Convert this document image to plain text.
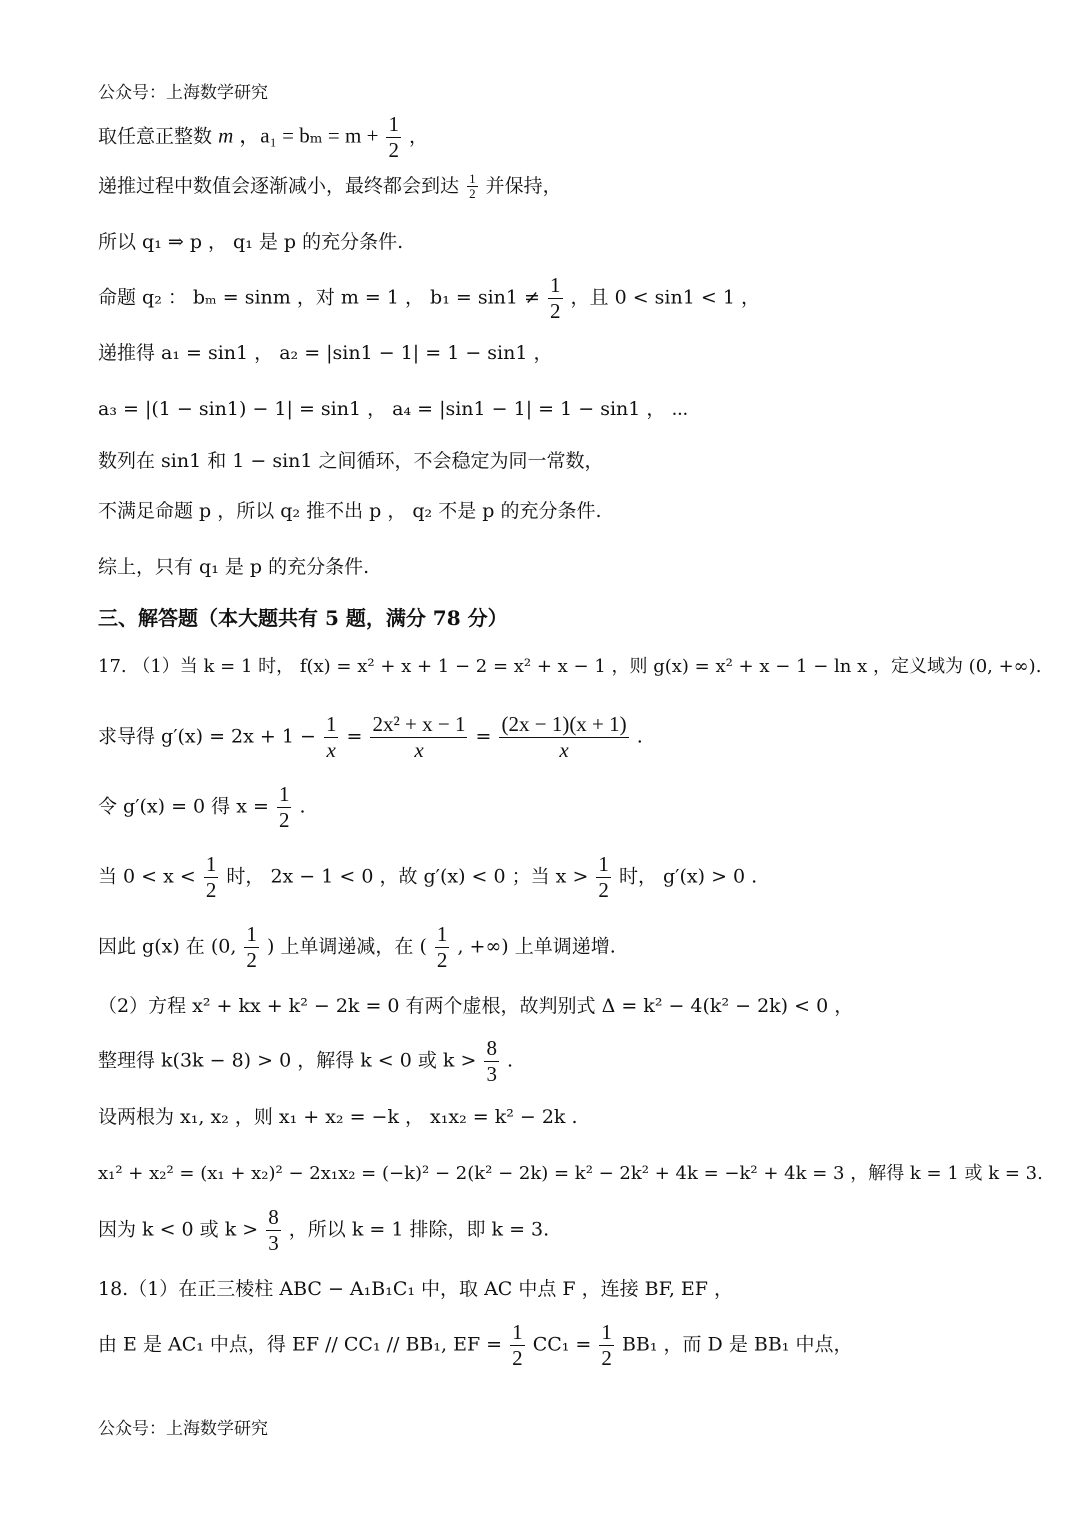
公众号：上海数学研究
取任意正整数 m ，$a_1 = b_m = m + \frac{1}{2}$ ，
递推过程中数值会逐渐减小，最终都会到达 $\frac{1}{2}$ 并保持，
所以 q₁ ⇒ p ， q₁ 是 p 的充分条件.
命题 q₂ ： bₘ = sinm ，对 m = 1 ， $b_1 = \sin 1 \ne \frac{1}{2}$ ，且 0 < sin1 < 1 ，
递推得 a₁ = sin1 ， a₂ = |sin1 − 1| = 1 − sin1 ，
a₃ = |(1 − sin1) − 1| = sin1 ， a₄ = |sin1 − 1| = 1 − sin1 ， ⋯
数列在 sin1 和 1 − sin1 之间循环，不会稳定为同一常数，
不满足命题 p ，所以 q₂ 推不出 p ， q₂ 不是 p 的充分条件.
综上，只有 q₁ 是 p 的充分条件.
三、解答题（本大题共有 5 题，满分 78 分）
17. （1）当 k = 1 时， f(x) = x² + x + 1 − 2 = x² + x − 1 ，则 g(x) = x² + x − 1 − ln x ，定义域为 (0, +∞).
求导得 $g'(x) = 2x + 1 - \frac{1}{x} = \frac{\text{2x² + x − 1}}{x} = \frac{(2x - 1)(x + 1)}{x}$ .
令 g′(x) = 0 得 $x = \frac{1}{2}$ .
当 $0 < x < \frac{1}{2}$ 时， 2x − 1 < 0 ，故 g′(x) < 0 ；当 $x > \frac{1}{2}$ 时， g′(x) > 0 .
因此 g(x) 在 (0, $\frac{1}{2}$ ) 上单调递减，在 ( $\frac{1}{2}$ , +∞) 上单调递增.
（2）方程 x² + kx + k² − 2k = 0 有两个虚根，故判别式 Δ = k² − 4(k² − 2k) < 0 ，
整理得 k(3k − 8) > 0 ，解得 k < 0 或 $k > \frac{8}{3}$ .
设两根为 x₁, x₂ ，则 x₁ + x₂ = −k ， x₁x₂ = k² − 2k .
x₁² + x₂² = (x₁ + x₂)² − 2x₁x₂ = (−k)² − 2(k² − 2k) = k² − 2k² + 4k = −k² + 4k = 3 ，解得 k = 1 或 k = 3.
因为 k < 0 或 $k > \frac{8}{3}$ ，所以 k = 1 排除，即 k = 3.
18.（1）在正三棱柱 ABC − A₁B₁C₁ 中，取 AC 中点 F ，连接 BF, EF ，
由 E 是 AC₁ 中点，得 EF // CC₁ // BB₁, EF = $\frac{1}{2} CC_1 = \frac{1}{2} BB_1$ ，而 D 是 BB₁ 中点，
公众号：上海数学研究
